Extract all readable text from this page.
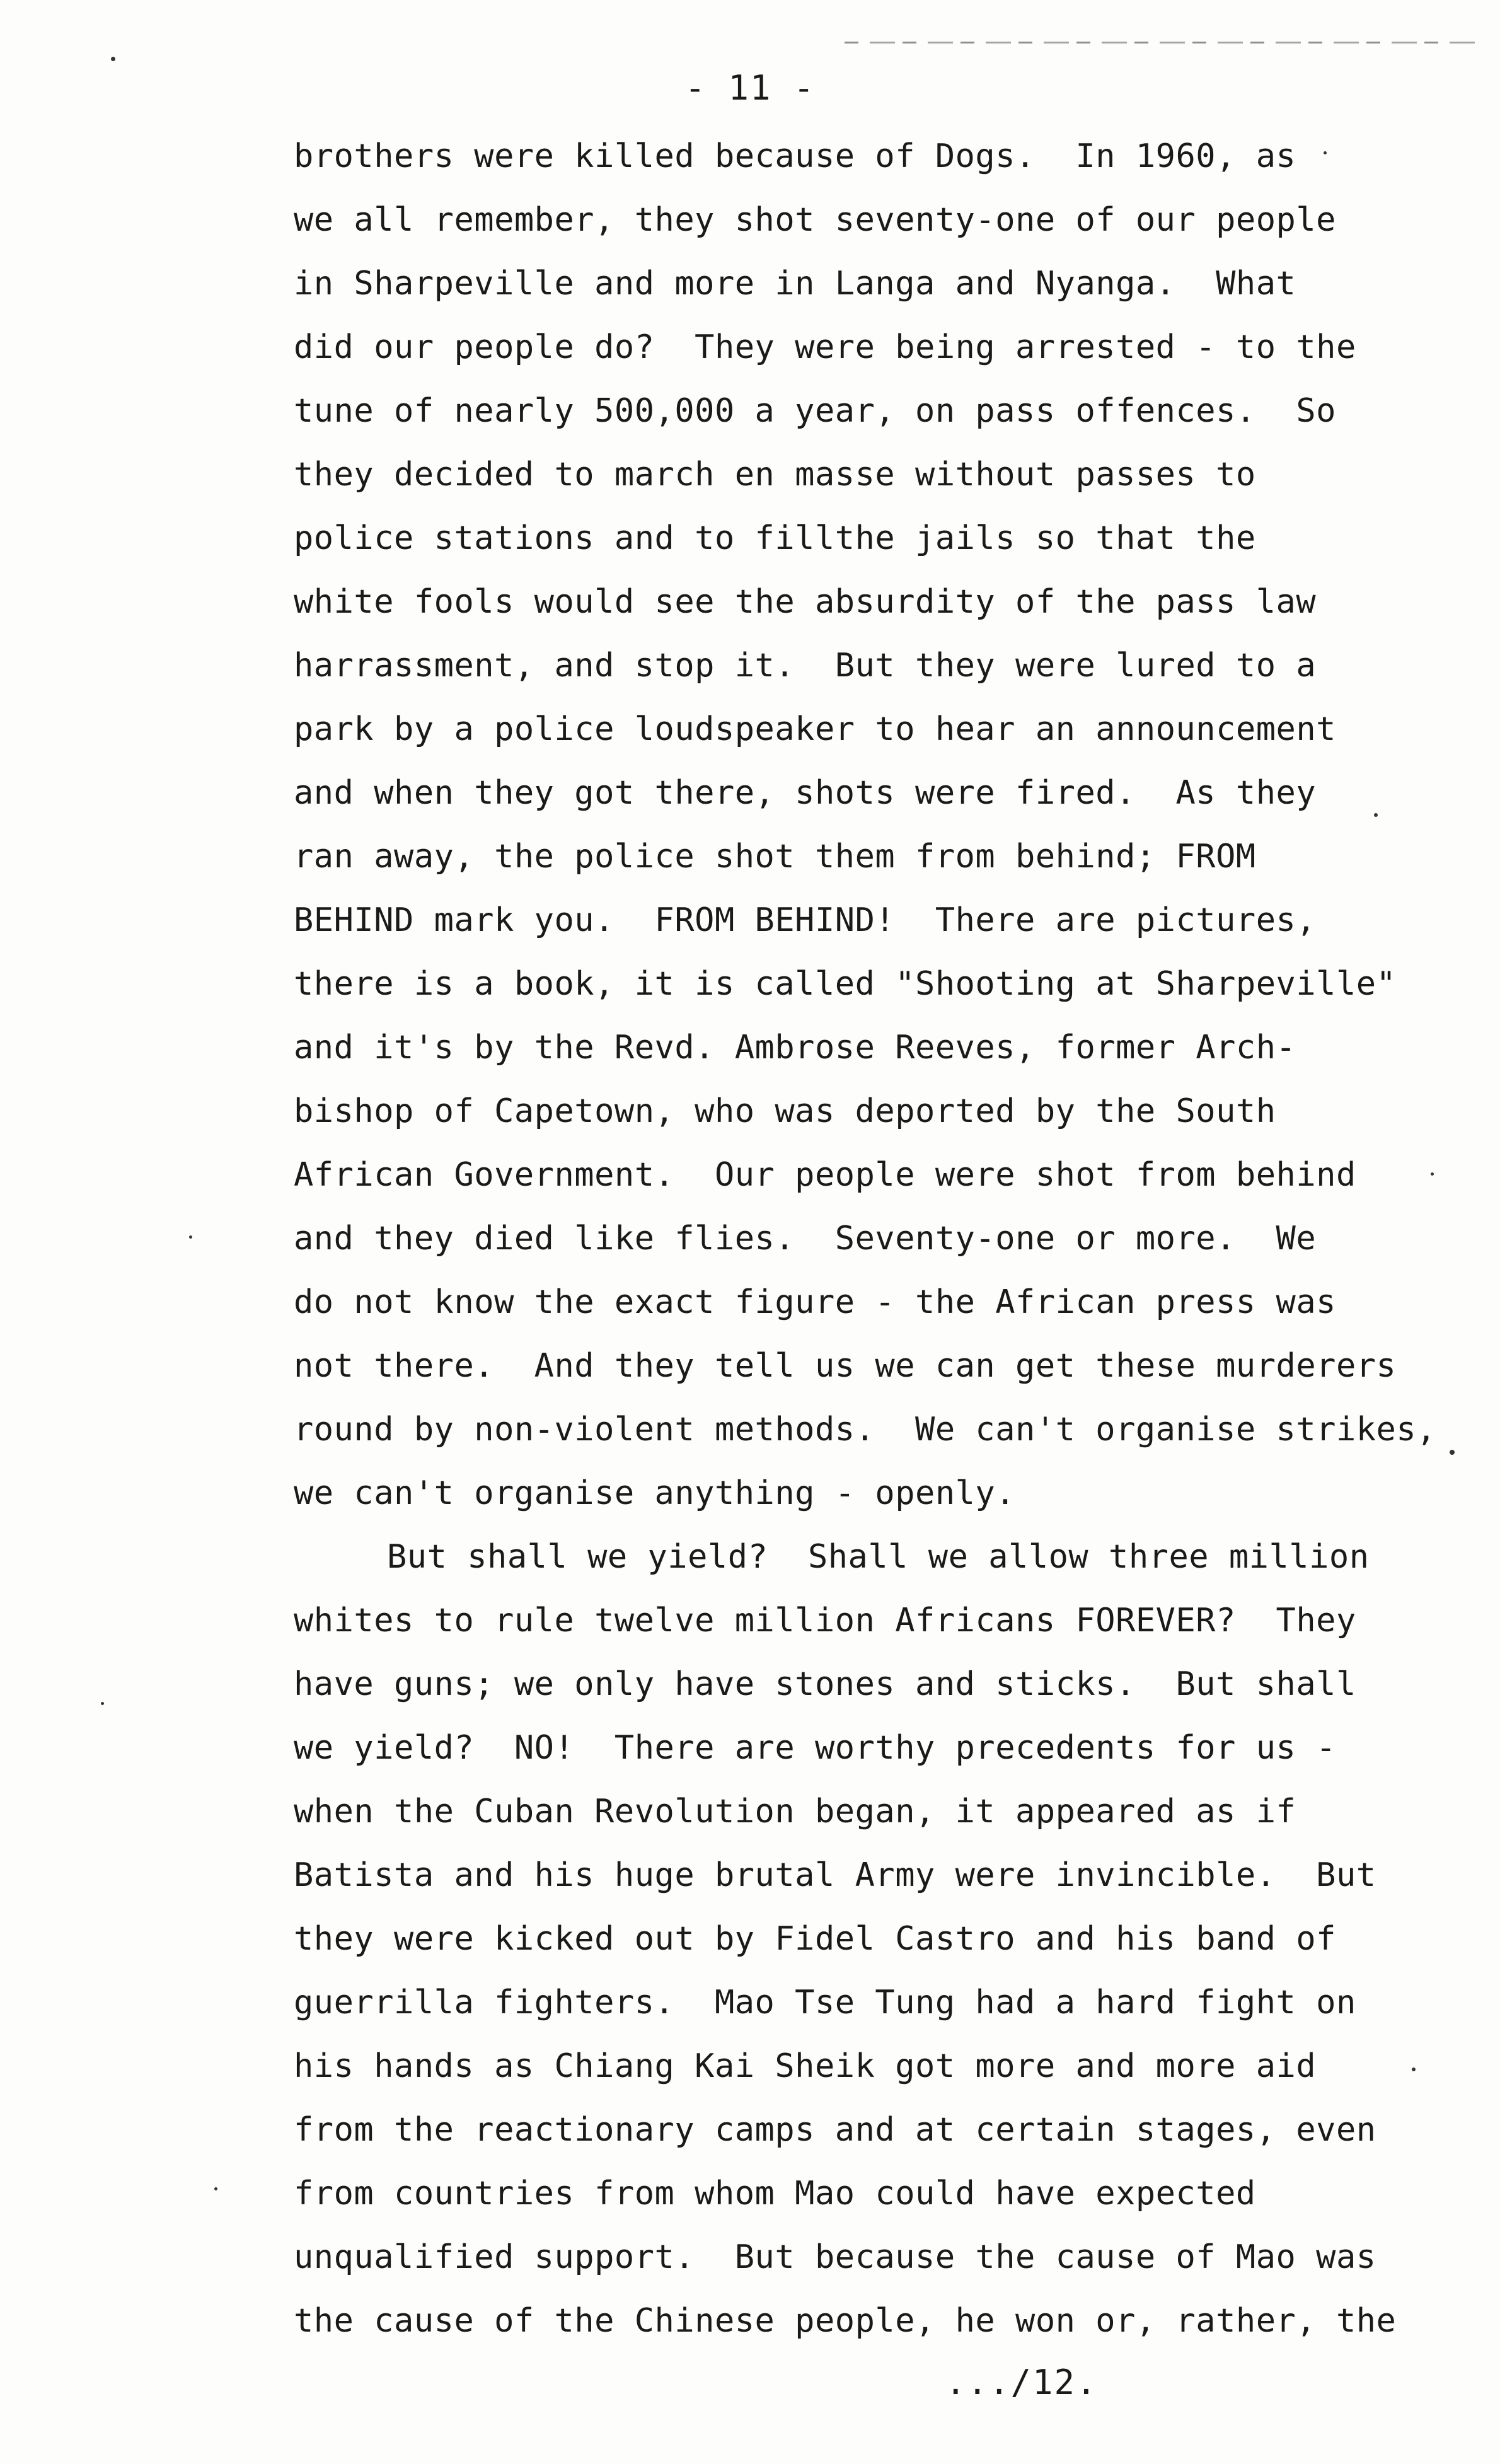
- 11 -
brothers were killed because of Dogs.  In 1960, as
we all remember, they shot seventy-one of our people
in Sharpeville and more in Langa and Nyanga.  What
did our people do?  They were being arrested - to the
tune of nearly 500,000 a year, on pass offences.  So
they decided to march en masse without passes to
police stations and to fillthe jails so that the
white fools would see the absurdity of the pass law
harrassment, and stop it.  But they were lured to a
park by a police loudspeaker to hear an announcement
and when they got there, shots were fired.  As they
ran away, the police shot them from behind; FROM
BEHIND mark you.  FROM BEHIND!  There are pictures,
there is a book, it is called "Shooting at Sharpeville"
and it's by the Revd. Ambrose Reeves, former Arch-
bishop of Capetown, who was deported by the South
African Government.  Our people were shot from behind
and they died like flies.  Seventy-one or more.  We
do not know the exact figure - the African press was
not there.  And they tell us we can get these murderers
round by non-violent methods.  We can't organise strikes,
we can't organise anything - openly.
But shall we yield?  Shall we allow three million
whites to rule twelve million Africans FOREVER?  They
have guns; we only have stones and sticks.  But shall
we yield?  NO!  There are worthy precedents for us -
when the Cuban Revolution began, it appeared as if
Batista and his huge brutal Army were invincible.  But
they were kicked out by Fidel Castro and his band of
guerrilla fighters.  Mao Tse Tung had a hard fight on
his hands as Chiang Kai Sheik got more and more aid
from the reactionary camps and at certain stages, even
from countries from whom Mao could have expected
unqualified support.  But because the cause of Mao was
the cause of the Chinese people, he won or, rather, the
.../12.
